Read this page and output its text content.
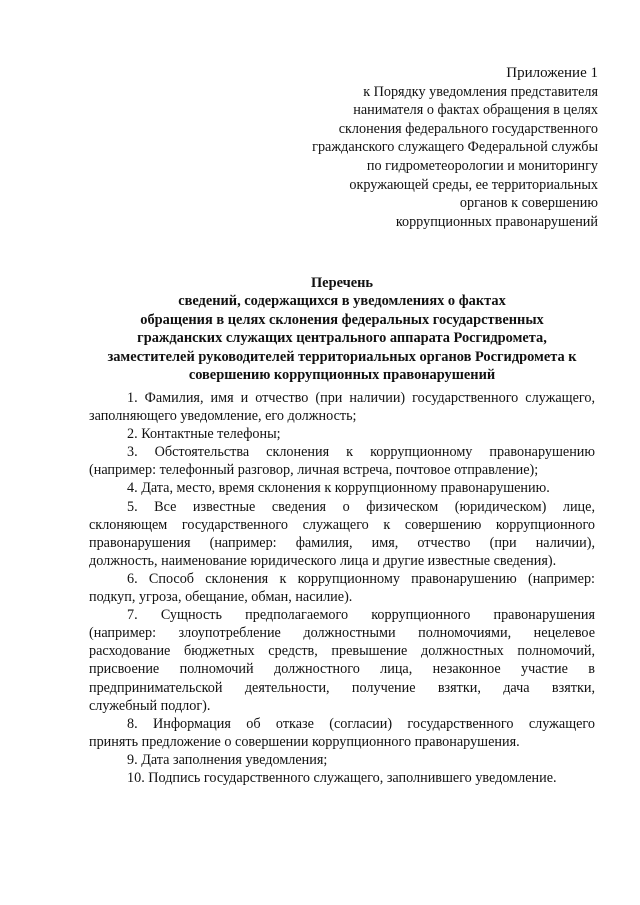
Приложение 1
к Порядку уведомления представителя
нанимателя о фактах обращения в целях
склонения федерального государственного
гражданского служащего Федеральной службы
по гидрометеорологии и мониторингу
окружающей среды, ее территориальных
органов к совершению
коррупционных правонарушений
Перечень
сведений, содержащихся в уведомлениях о фактах
обращения в целях склонения федеральных государственных
гражданских служащих центрального аппарата Росгидромета,
заместителей руководителей территориальных органов Росгидромета к
совершению коррупционных правонарушений

1. Фамилия, имя и отчество (при наличии) государственного служащего,
заполняющего уведомление, его должность;

2. Контактные телефоны;

3. Обстоятельства склонения к коррупционному правонарушению
(например: телефонный разговор, личная встреча, почтовое отправление);

4. Дата, место, время склонения к коррупционному правонарушению.

5. Все известные сведения о физическом (юридическом) лице,
склоняющем государственного служащего к совершению коррупционного
правонарушения (например: фамилия, имя, отчество (при наличии),
должность, наименование юридического лица и другие известные сведения).

6. Способ склонения к коррупционному правонарушению (например:
подкуп, угроза, обещание, обман, насилие).

7. Сущность предполагаемого коррупционного правонарушения
(например: злоупотребление должностными полномочиями, нецелевое
расходование бюджетных средств, превышение должностных полномочий,
присвоение полномочий должностного лица, незаконное участие в
предпринимательской деятельности, получение взятки, дача взятки,
служебный подлог).

8. Информация об отказе (согласии) государственного служащего
принять предложение о совершении коррупционного правонарушения.

9. Дата заполнения уведомления;

10. Подпись государственного служащего, заполнившего уведомление.
